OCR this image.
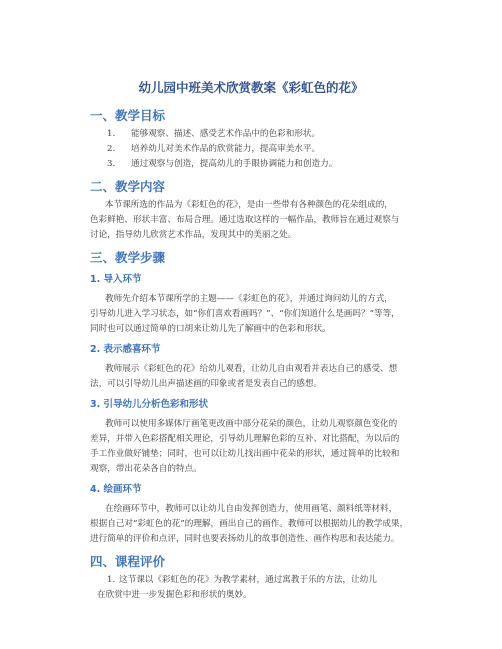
幼儿园中班美术欣赏教案《彩虹色的花》
一、教学目标
1. 能够观察、描述、感受艺术作品中的色彩和形状。
2. 培养幼儿对美术作品的欣赏能力，提高审美水平。
3. 通过观察与创造，提高幼儿的手眼协调能力和创造力。
二、教学内容
本节课所选的作品为《彩虹色的花》，是由一些带有各种颜色的花朵组成的，
色彩鲜艳、形状丰富、布局合理。通过选取这样的一幅作品，教师旨在通过观察与
讨论，指导幼儿欣赏艺术作品，发现其中的美丽之处。
三、教学步骤
1. 导入环节
教师先介绍本节课所学的主题——《彩虹色的花》，并通过询问幼儿的方式，
引导幼儿进入学习状态，如“你们喜欢看画吗？”、“你们知道什么是画吗？”等等，
同时也可以通过简单的口胡来让幼儿先了解画中的色彩和形状。
2. 表示感喜环节
教师展示《彩虹色的花》给幼儿观看，让幼儿自由观看并表达自己的感受、想
法，可以引导幼儿出声描述画的印象或者是发表自己的感想。
3. 引导幼儿分析色彩和形状
教师可以使用多媒体厅画笔更改画中部分花朵的颜色，让幼儿观察颜色变化的
差异，并带入色彩搭配相关理论，引导幼儿理解色彩的互补、对比搭配，为以后的
手工作业做好铺垫；同时，也可以让幼儿找出画中花朵的形状，通过简单的比较和
观察，带出花朵各自的特点。
4. 绘画环节
在绘画环节中，教师可以让幼儿自由发挥创造力，使用画笔、颜料纸等材料，
根据自己对“彩虹色的花”的理解，画出自己的画作。教师可以根据幼儿的教学成果，
进行简单的评价和点评，同时也要表扬幼儿的故事创造性、画作构思和表达能力。
四、课程评价
1. 这节课以《彩虹色的花》为教学素材，通过寓教于乐的方法，让幼儿
在欣赏中进一步发掘色彩和形状的奥妙。
